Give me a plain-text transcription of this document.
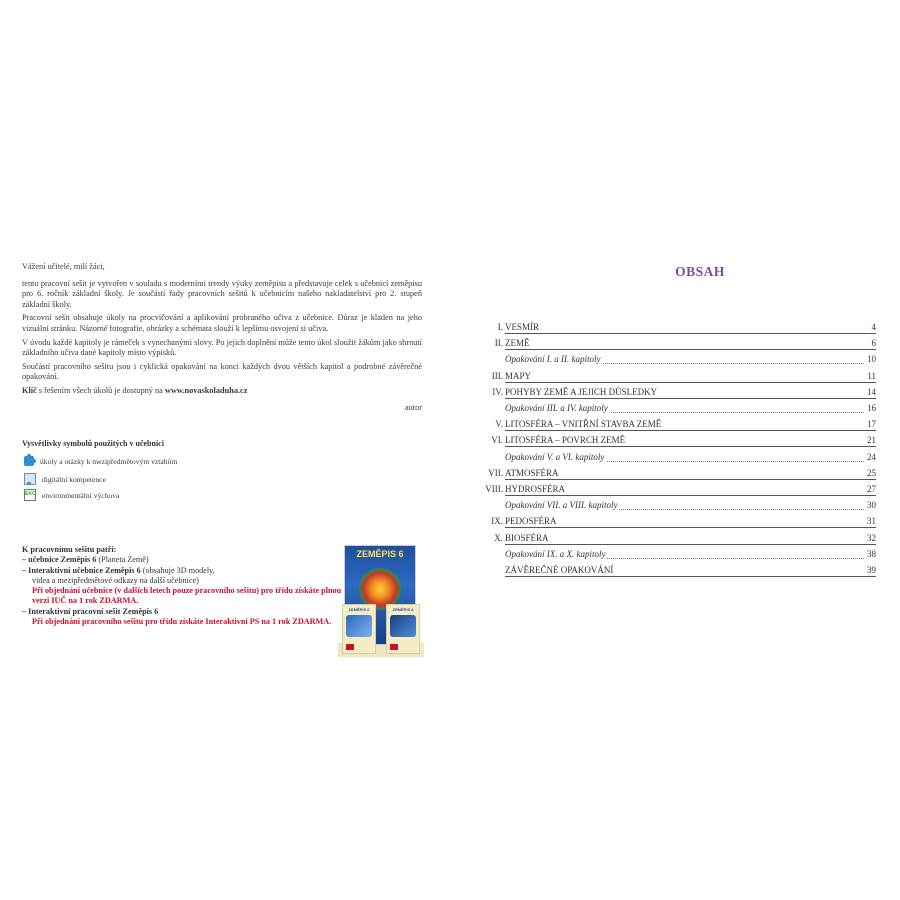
Vážení učitelé, milí žáci,

tento pracovní sešit je vytvořen v souladu s moderními trendy výuky zeměpisu a představuje celek s učebnicí zeměpisu pro 6. ročník základní školy. Je součástí řady pracovních sešitů k učebnicím našeho nakladatelství pro 2. stupeň základní školy.

Pracovní sešit obsahuje úkoly na procvičování a aplikování probraného učiva z učebnice. Důraz je kladen na jeho vizuální stránku. Názorné fotografie, obrázky a schémata slouží k lepšímu osvojení si učiva.

V úvodu každé kapitoly je rámeček s vynechanými slovy. Po jejich doplnění může tento úkol sloužit žákům jako shrnutí základního učiva dané kapitoly místo výpisků.

Součástí pracovního sešitu jsou i cyklická opakování na konci každých dvou větších kapitol a podrobné závěrečné opakování.

Klíč s řešením všech úkolů je dostupný na www.novaskoladuha.cz

autor

Vysvětlivky symbolů použitých v učebnici
úkoly a otázky k mezipředmětovým vztahům
digitální kompetence
EKO environmentální výchova

K pracovnímu sešitu patří:

– učebnice Zeměpis 6 (Planeta Země)

– Interaktivní učebnice Zeměpis 6 (obsahuje 3D modely,

videa a mezipředmětové odkazy na další učebnice)

Při objednání učebnice (v dalších letech pouze pracovního sešitu) pro třídu získáte plnou verzi IUČ na 1 rok ZDARMA.

– Interaktivní pracovní sešit Zeměpis 6

Při objednání pracovního sešitu pro třídu získáte Interaktivní PS na 1 rok ZDARMA.

ZEMĚPIS 6
ZEMĚPIS 6	ZEMĚPIS 6
OBSAH
I. VESMÍR	4
II. ZEMĚ	6
Opakování I. a II. kapitoly	10
III. MAPY	11
IV. POHYBY ZEMĚ A JEJICH DŮSLEDKY	14
Opakování III. a IV. kapitoly	16
V. LITOSFÉRA – VNITŘNÍ STAVBA ZEMĚ	17
VI. LITOSFÉRA – POVRCH ZEMĚ	21
Opakování V. a VI. kapitoly	24
VII. ATMOSFÉRA	25
VIII. HYDROSFÉRA	27
Opakování VII. a VIII. kapitoly	30
IX. PEDOSFÉRA	31
X. BIOSFÉRA	32
Opakování IX. a X. kapitoly	38
ZÁVĚREČNÉ OPAKOVÁNÍ	39
